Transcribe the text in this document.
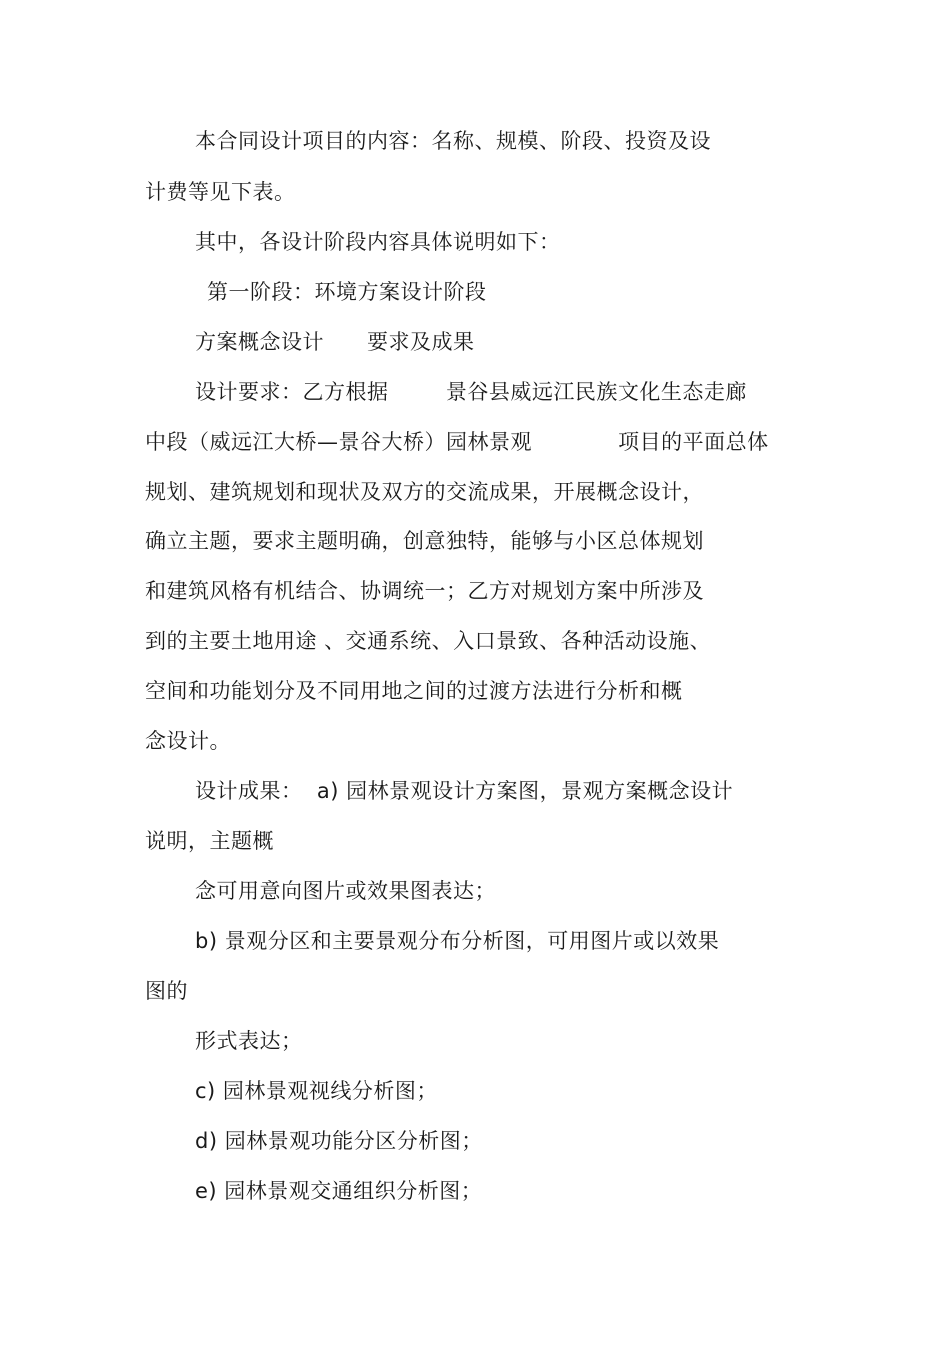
本合同设计项目的内容：名称、规模、阶段、投资及设
计费等见下表。
其中，各设计阶段内容具体说明如下：
第一阶段：环境方案设计阶段
方案概念设计      要求及成果
设计要求：乙方根据        景谷县威远江民族文化生态走廊
中段（威远江大桥—景谷大桥）园林景观            项目的平面总体
规划、建筑规划和现状及双方的交流成果，开展概念设计，
确立主题，要求主题明确，创意独特，能够与小区总体规划
和建筑风格有机结合、协调统一；乙方对规划方案中所涉及
到的主要土地用途 、交通系统、入口景致、各种活动设施、
空间和功能划分及不同用地之间的过渡方法进行分析和概
念设计。
设计成果：  a) 园林景观设计方案图，景观方案概念设计
说明，主题概
念可用意向图片或效果图表达；
b) 景观分区和主要景观分布分析图，可用图片或以效果
图的
形式表达；
c) 园林景观视线分析图；
d) 园林景观功能分区分析图；
e) 园林景观交通组织分析图；
